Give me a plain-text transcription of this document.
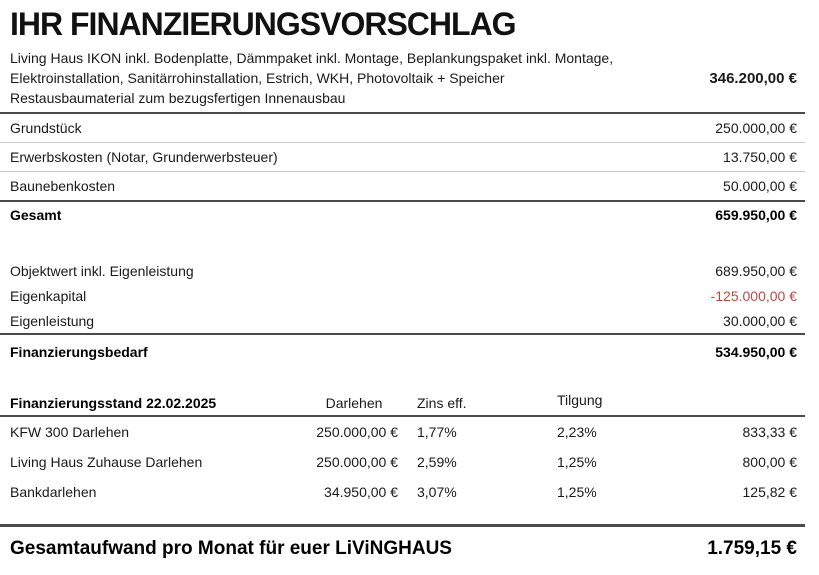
IHR FINANZIERUNGSVORSCHLAG
Living Haus IKON inkl. Bodenplatte, Dämmpaket inkl. Montage, Beplankungspaket inkl. Montage,
Elektroinstallation, Sanitärrohinstallation, Estrich, WKH, Photovoltaik + Speicher
Restausbaumaterial zum bezugsfertigen Innenausbau
346.200,00 €
Grundstück	250.000,00 €
Erwerbskosten (Notar, Grunderwerbsteuer)	13.750,00 €
Baunebenkosten	50.000,00 €
Gesamt	659.950,00 €
Objektwert inkl. Eigenleistung	689.950,00 €
Eigenkapital	-125.000,00 €
Eigenleistung	30.000,00 €
Finanzierungsbedarf	534.950,00 €
Finanzierungsstand 22.02.2025	Darlehen	Zins eff.	Tilgung
KFW 300 Darlehen	250.000,00 €	1,77%	2,23%	833,33 €
Living Haus Zuhause Darlehen	250.000,00 €	2,59%	1,25%	800,00 €
Bankdarlehen	34.950,00 €	3,07%	1,25%	125,82 €
Gesamtaufwand pro Monat für euer LiViNGHAUS	1.759,15 €
